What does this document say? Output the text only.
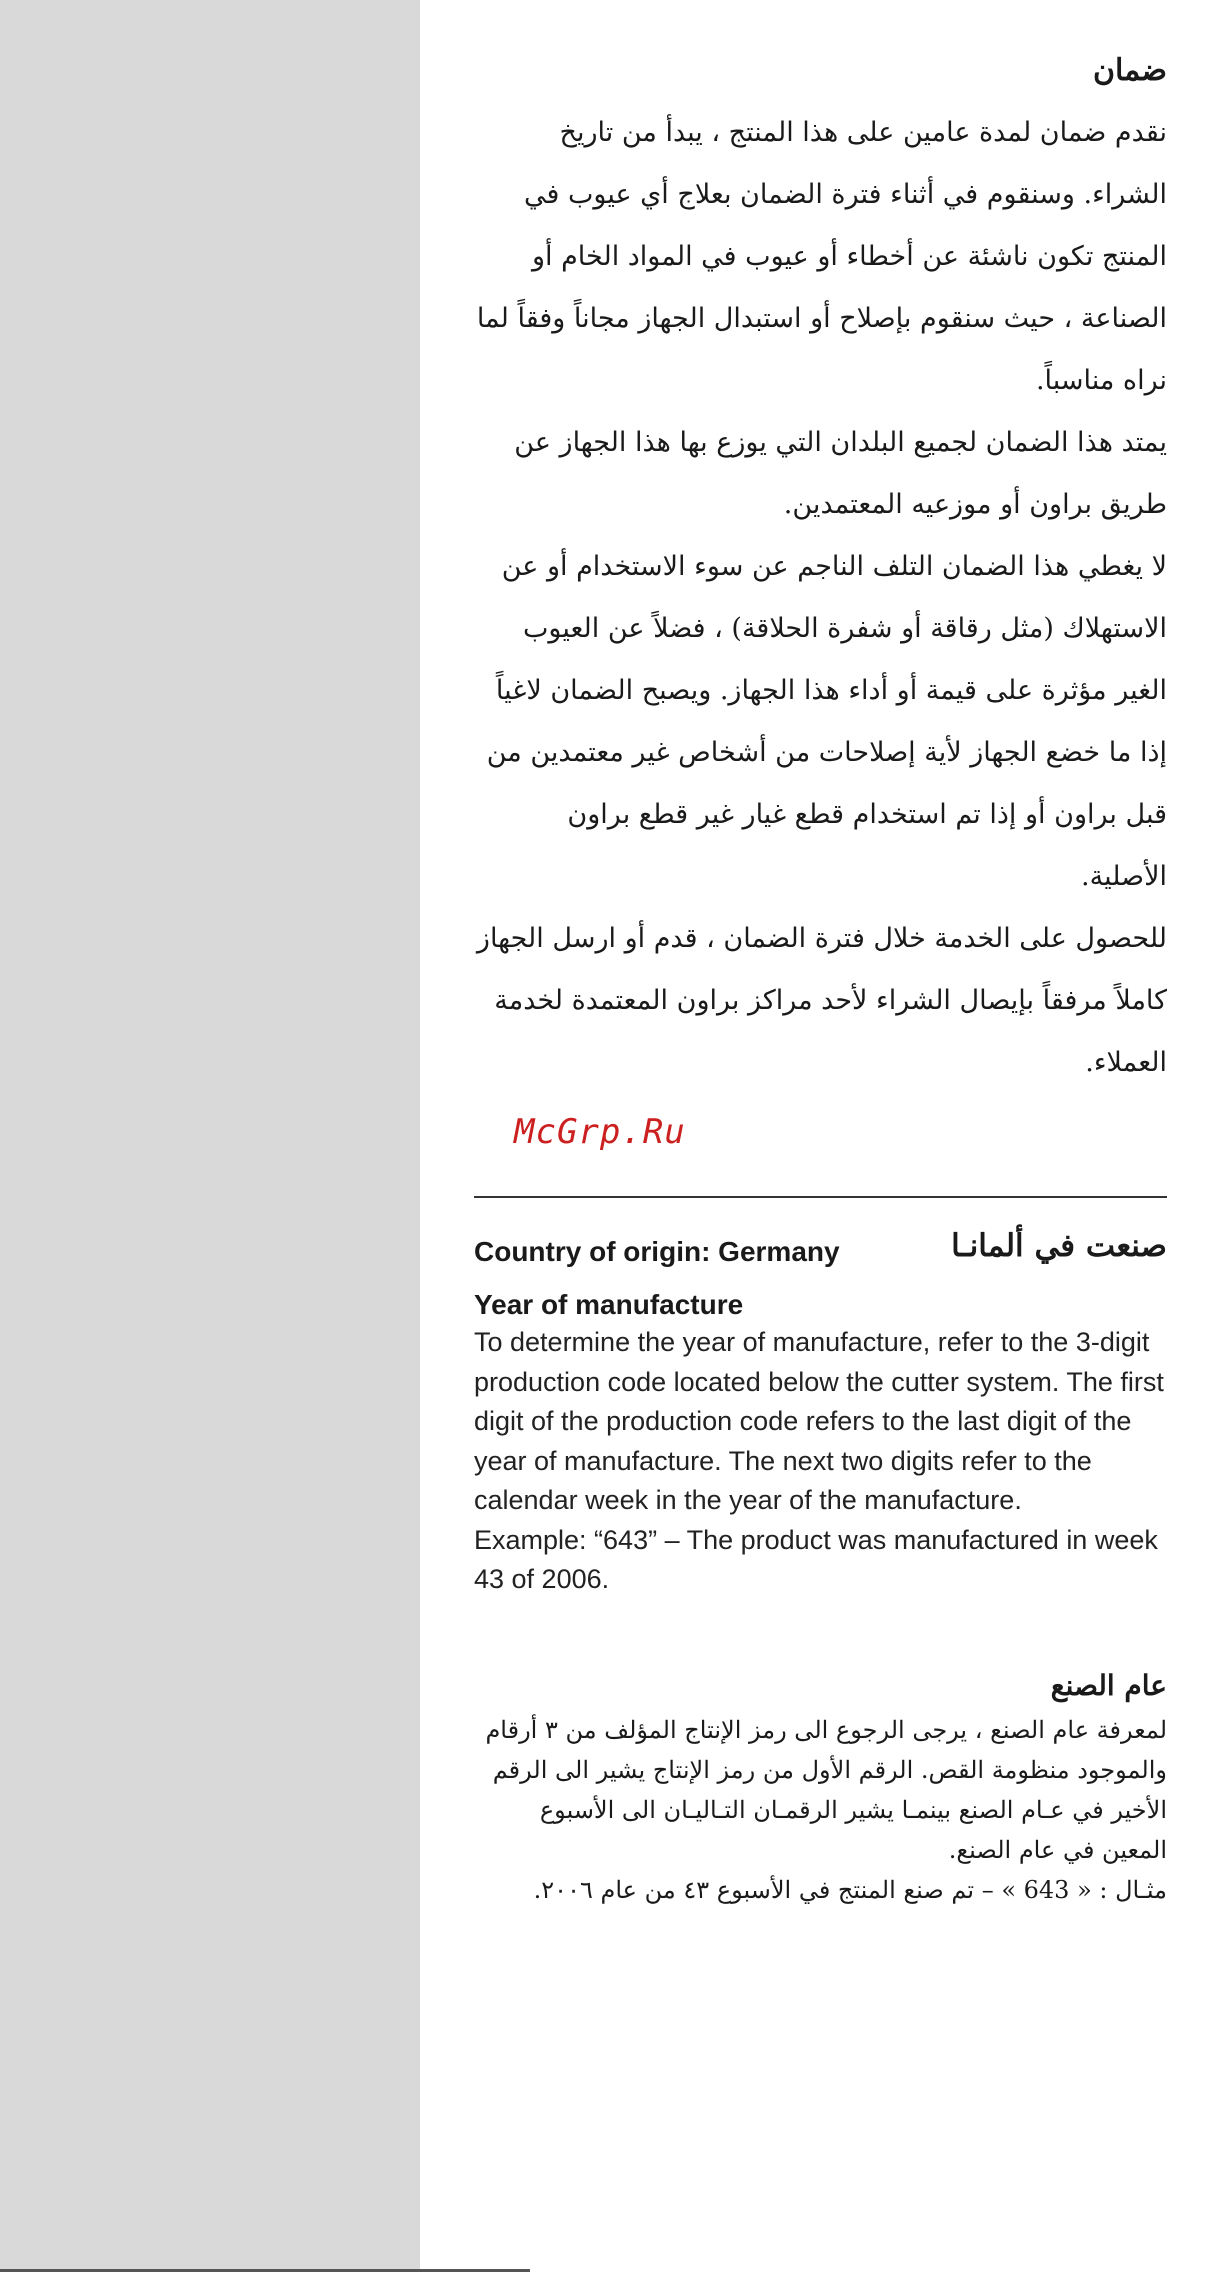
ضمان

نقدم ضمان لمدة عامين على هذا المنتج ، يبدأ من تاريخ الشراء. وسنقوم في أثناء فترة الضمان بعلاج أي عيوب في المنتج تكون ناشئة عن أخطاء أو عيوب في المواد الخام أو الصناعة ، حيث سنقوم بإصلاح أو استبدال الجهاز مجاناً وفقاً لما نراه مناسباً.

يمتد هذا الضمان لجميع البلدان التي يوزع بها هذا الجهاز عن طريق براون أو موزعيه المعتمدين.

لا يغطي هذا الضمان التلف الناجم عن سوء الاستخدام أو عن الاستهلاك (مثل رقاقة أو شفرة الحلاقة) ، فضلاً عن العيوب الغير مؤثرة على قيمة أو أداء هذا الجهاز. ويصبح الضمان لاغياً إذا ما خضع الجهاز لأية إصلاحات من أشخاص غير معتمدين من قبل براون أو إذا تم استخدام قطع غيار غير قطع براون الأصلية.

للحصول على الخدمة خلال فترة الضمان ، قدم أو ارسل الجهاز كاملاً مرفقاً بإيصال الشراء لأحد مراكز براون المعتمدة لخدمة العملاء.

McGrp.Ru
Country of origin: Germany	صنعت في ألمانـا
Year of manufacture

To determine the year of manufacture, refer to the 3-digit production code located below the cutter system. The first digit of the production code refers to the last digit of the year of manufacture. The next two digits refer to the calendar week in the year of the manufacture.

Example: “643” – The product was manufactured in week 43 of 2006.

عام الصنع

لمعرفة عام الصنع ، يرجى الرجوع الى رمز الإنتاج المؤلف من ٣ أرقام والموجود منظومة القص. الرقم الأول من رمز الإنتاج يشير الى الرقم الأخير في عـام الصنع بينمـا يشير الرقمـان التـاليـان الى الأسبوع المعين في عام الصنع.

مثـال : « 643 » – تم صنع المنتج في الأسبوع ٤٣ من عام ٢٠٠٦.
